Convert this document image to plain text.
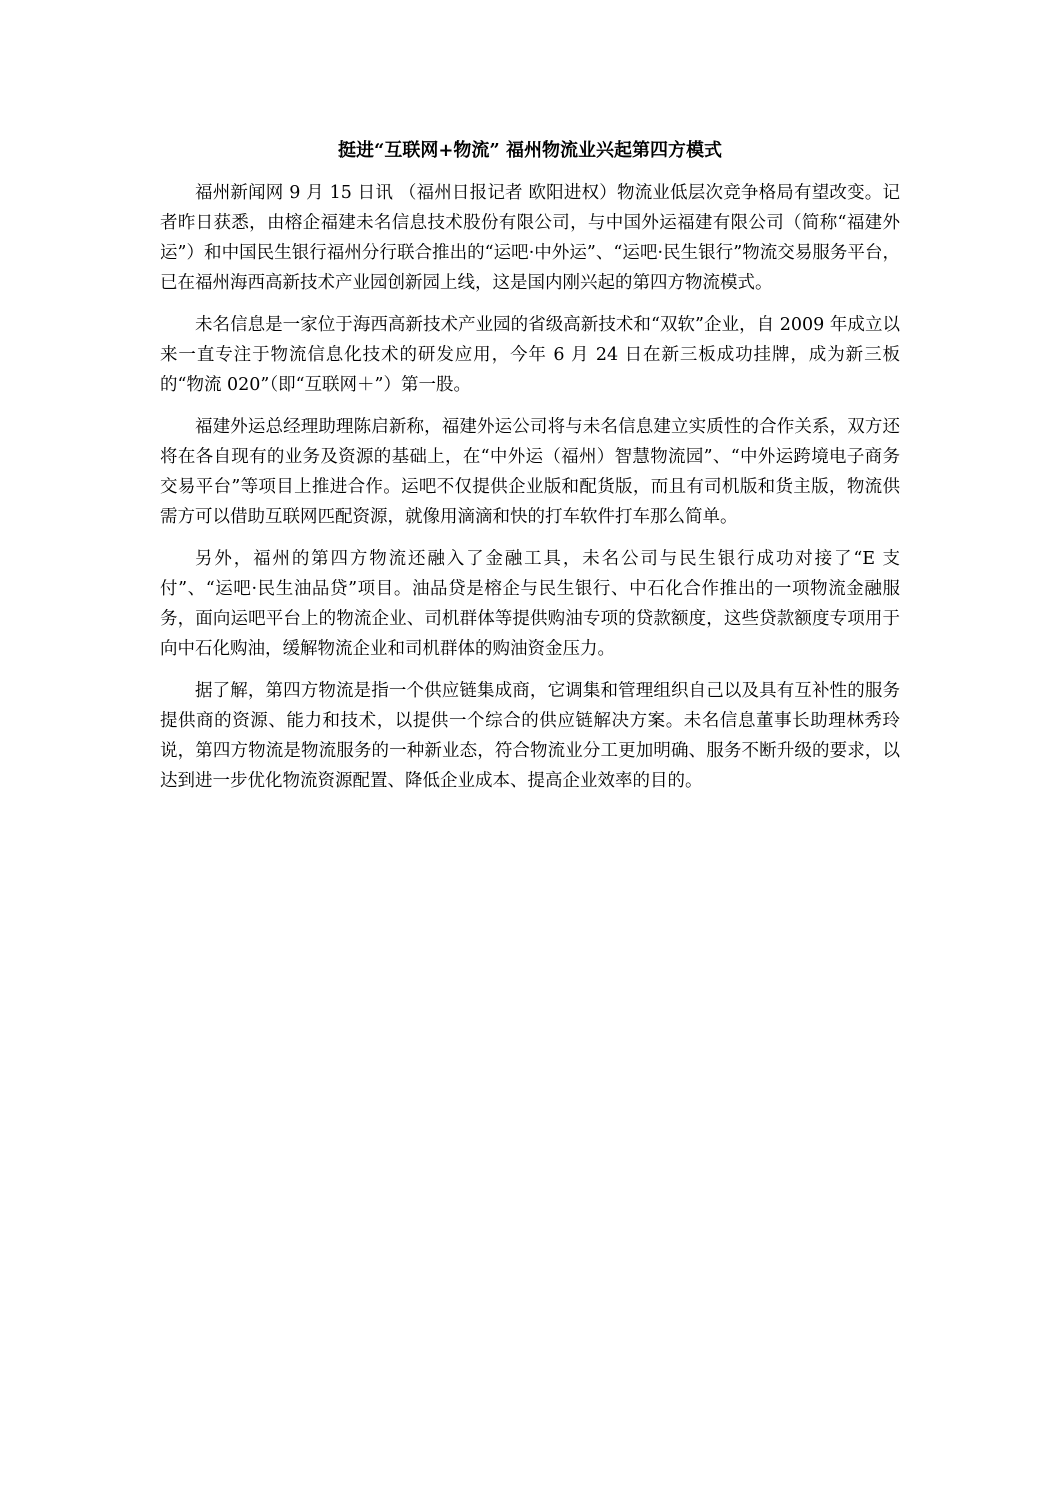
挺进“互联网+物流” 福州物流业兴起第四方模式

福州新闻网 9 月 15 日讯 （福州日报记者 欧阳进权）物流业低层次竞争格局有望改变。记者昨日获悉，由榕企福建未名信息技术股份有限公司，与中国外运福建有限公司（简称“福建外运”）和中国民生银行福州分行联合推出的“运吧·中外运”、“运吧·民生银行”物流交易服务平台，已在福州海西高新技术产业园创新园上线，这是国内刚兴起的第四方物流模式。

未名信息是一家位于海西高新技术产业园的省级高新技术和“双软”企业，自 2009 年成立以来一直专注于物流信息化技术的研发应用，今年 6 月 24 日在新三板成功挂牌，成为新三板的“物流 020”（即“互联网＋”）第一股。

福建外运总经理助理陈启新称，福建外运公司将与未名信息建立实质性的合作关系，双方还将在各自现有的业务及资源的基础上，在“中外运（福州）智慧物流园”、“中外运跨境电子商务交易平台”等项目上推进合作。运吧不仅提供企业版和配货版，而且有司机版和货主版，物流供需方可以借助互联网匹配资源，就像用滴滴和快的打车软件打车那么简单。

另外，福州的第四方物流还融入了金融工具，未名公司与民生银行成功对接了“E 支付”、“运吧·民生油品贷”项目。油品贷是榕企与民生银行、中石化合作推出的一项物流金融服务，面向运吧平台上的物流企业、司机群体等提供购油专项的贷款额度，这些贷款额度专项用于向中石化购油，缓解物流企业和司机群体的购油资金压力。

据了解，第四方物流是指一个供应链集成商，它调集和管理组织自己以及具有互补性的服务提供商的资源、能力和技术，以提供一个综合的供应链解决方案。未名信息董事长助理林秀玲说，第四方物流是物流服务的一种新业态，符合物流业分工更加明确、服务不断升级的要求，以达到进一步优化物流资源配置、降低企业成本、提高企业效率的目的。
